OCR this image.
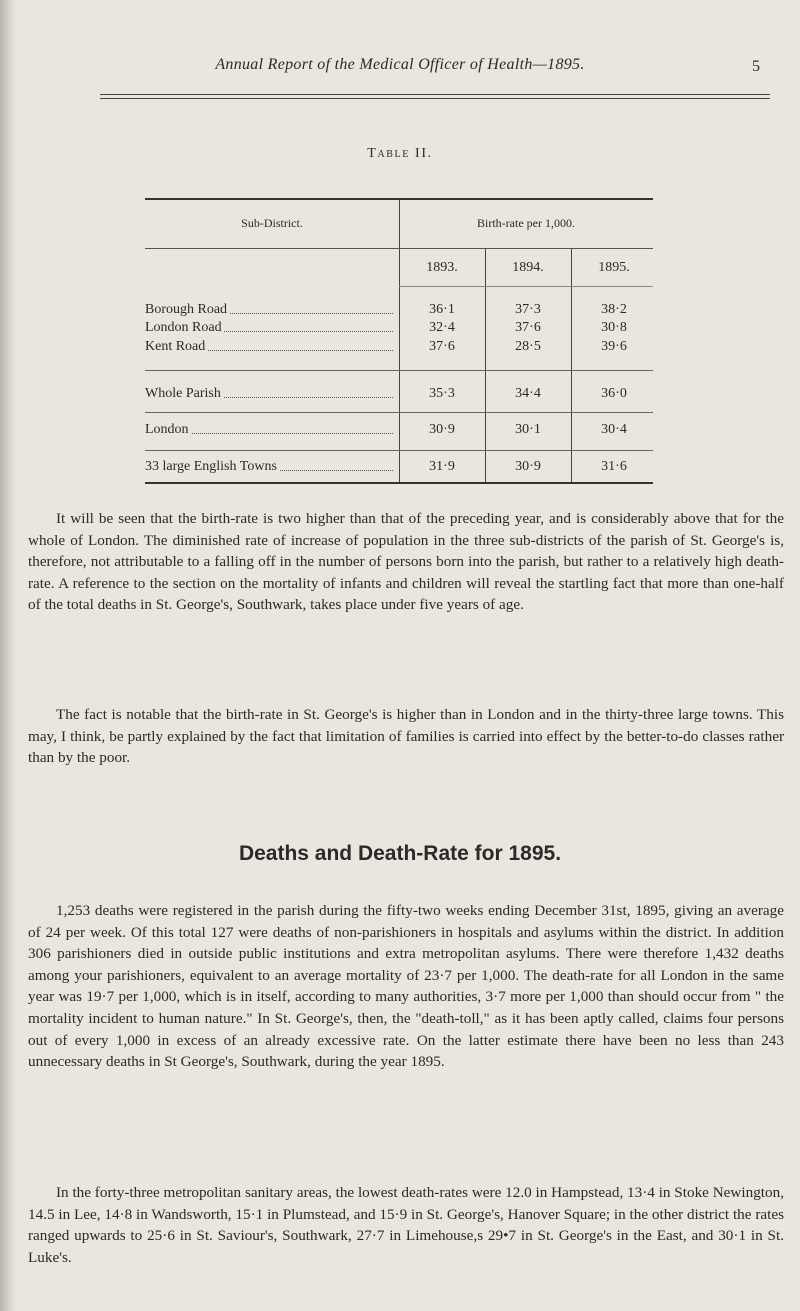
Annual Report of the Medical Officer of Health—1895.	5
Table II.
Sub-District.	Birth-rate per 1,000.
1893.	1894.	1895.
Borough Road	36·1	37·3	38·2
London Road	32·4	37·6	30·8
Kent Road	37·6	28·5	39·6
Whole Parish	35·3	34·4	36·0
London	30·9	30·1	30·4
33 large English Towns	31·9	30·9	31·6

It will be seen that the birth-rate is two higher than that of the preceding year, and is considerably above that for the whole of London. The diminished rate of increase of population in the three sub-districts of the parish of St. George's is, therefore, not attributable to a falling off in the number of persons born into the parish, but rather to a relatively high death-rate. A reference to the section on the mortality of infants and children will reveal the startling fact that more than one-half of the total deaths in St. George's, Southwark, takes place under five years of age.

The fact is notable that the birth-rate in St. George's is higher than in London and in the thirty-three large towns. This may, I think, be partly explained by the fact that limitation of families is carried into effect by the better-to-do classes rather than by the poor.

Deaths and Death-Rate for 1895.

1,253 deaths were registered in the parish during the fifty-two weeks ending December 31st, 1895, giving an average of 24 per week. Of this total 127 were deaths of non-parishioners in hospitals and asylums within the district. In addition 306 parishioners died in outside public institutions and extra metropolitan asylums. There were therefore 1,432 deaths among your parishioners, equivalent to an average mortality of 23·7 per 1,000. The death-rate for all London in the same year was 19·7 per 1,000, which is in itself, according to many authorities, 3·7 more per 1,000 than should occur from " the mortality incident to human nature." In St. George's, then, the "death-toll," as it has been aptly called, claims four persons out of every 1,000 in excess of an already excessive rate. On the latter estimate there have been no less than 243 unnecessary deaths in St George's, Southwark, during the year 1895.

In the forty-three metropolitan sanitary areas, the lowest death-rates were 12.0 in Hampstead, 13·4 in Stoke Newington, 14.5 in Lee, 14·8 in Wandsworth, 15·1 in Plumstead, and 15·9 in St. George's, Hanover Square; in the other district the rates ranged upwards to 25·6 in St. Saviour's, Southwark, 27·7 in Limehouse,s 29•7 in St. George's in the East, and 30·1 in St. Luke's.
